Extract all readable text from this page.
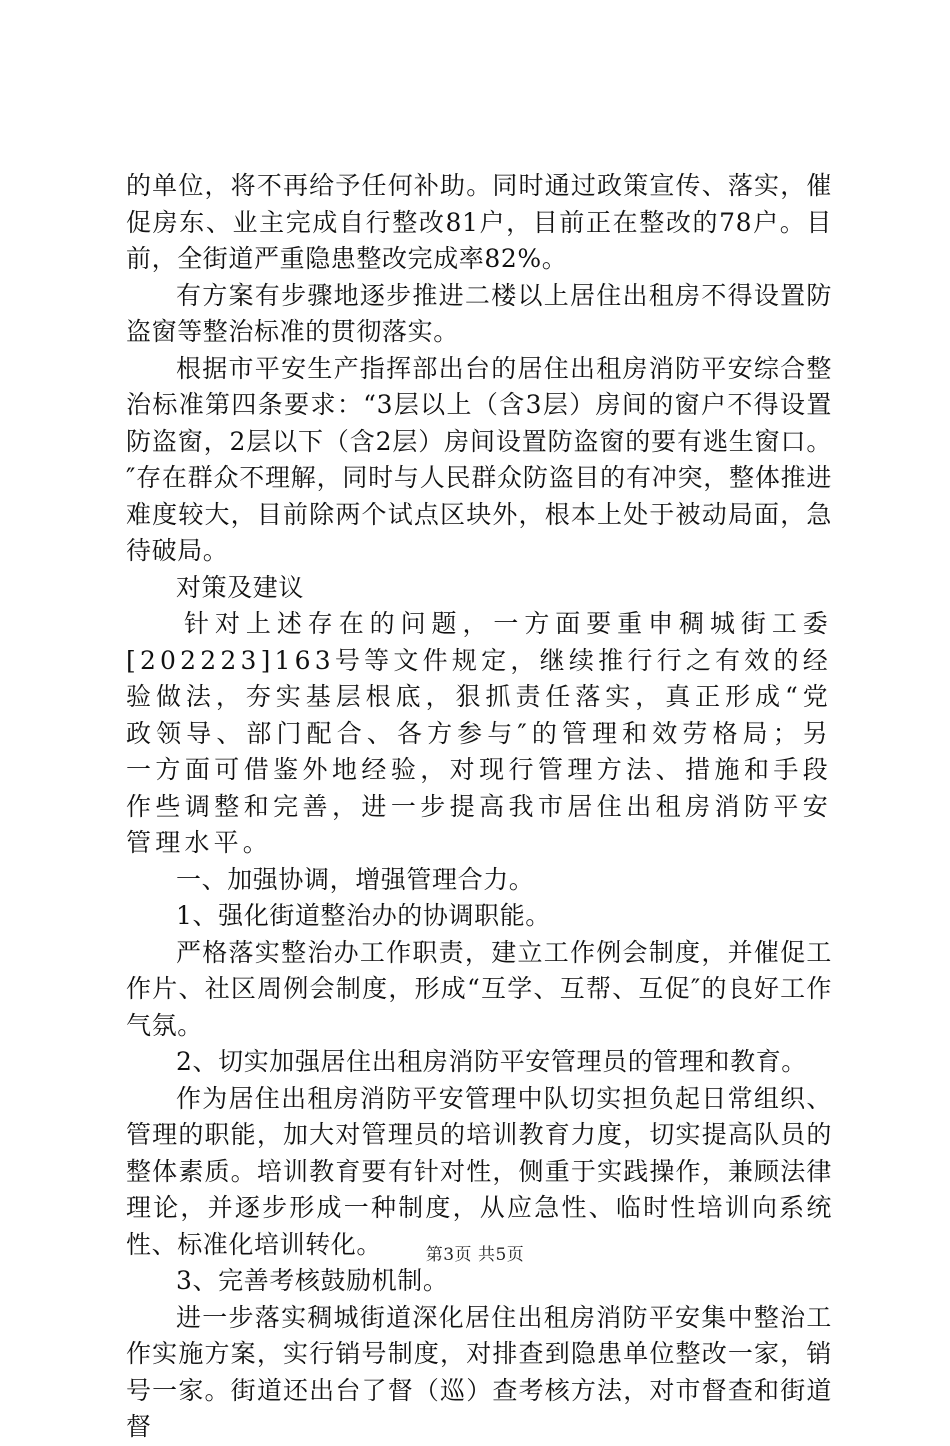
的单位，将不再给予任何补助。同时通过政策宣传、落实，催促房东、业主完成自行整改81户，目前正在整改的78户。目前，全街道严重隐患整改完成率82%。

有方案有步骤地逐步推进二楼以上居住出租房不得设置防盗窗等整治标准的贯彻落实。

根据市平安生产指挥部出台的居住出租房消防平安综合整治标准第四条要求：“3层以上（含3层）房间的窗户不得设置防盗窗，2层以下（含2层）房间设置防盗窗的要有逃生窗口。″存在群众不理解，同时与人民群众防盗目的有冲突，整体推进难度较大，目前除两个试点区块外，根本上处于被动局面，急待破局。

对策及建议

针对上述存在的问题，一方面要重申稠城街工委[202223]163号等文件规定，继续推行行之有效的经验做法，夯实基层根底，狠抓责任落实，真正形成“党政领导、部门配合、各方参与″的管理和效劳格局；另一方面可借鉴外地经验，对现行管理方法、措施和手段作些调整和完善，进一步提高我市居住出租房消防平安管理水平。

一、加强协调，增强管理合力。

1、强化街道整治办的协调职能。

严格落实整治办工作职责，建立工作例会制度，并催促工作片、社区周例会制度，形成“互学、互帮、互促″的良好工作气氛。

2、切实加强居住出租房消防平安管理员的管理和教育。

作为居住出租房消防平安管理中队切实担负起日常组织、管理的职能，加大对管理员的培训教育力度，切实提高队员的整体素质。培训教育要有针对性，侧重于实践操作，兼顾法律理论，并逐步形成一种制度，从应急性、临时性培训向系统性、标准化培训转化。

3、完善考核鼓励机制。

进一步落实稠城街道深化居住出租房消防平安集中整治工作实施方案，实行销号制度，对排查到隐患单位整改一家，销号一家。街道还出台了督（巡）查考核方法，对市督查和街道督

第3页 共5页
